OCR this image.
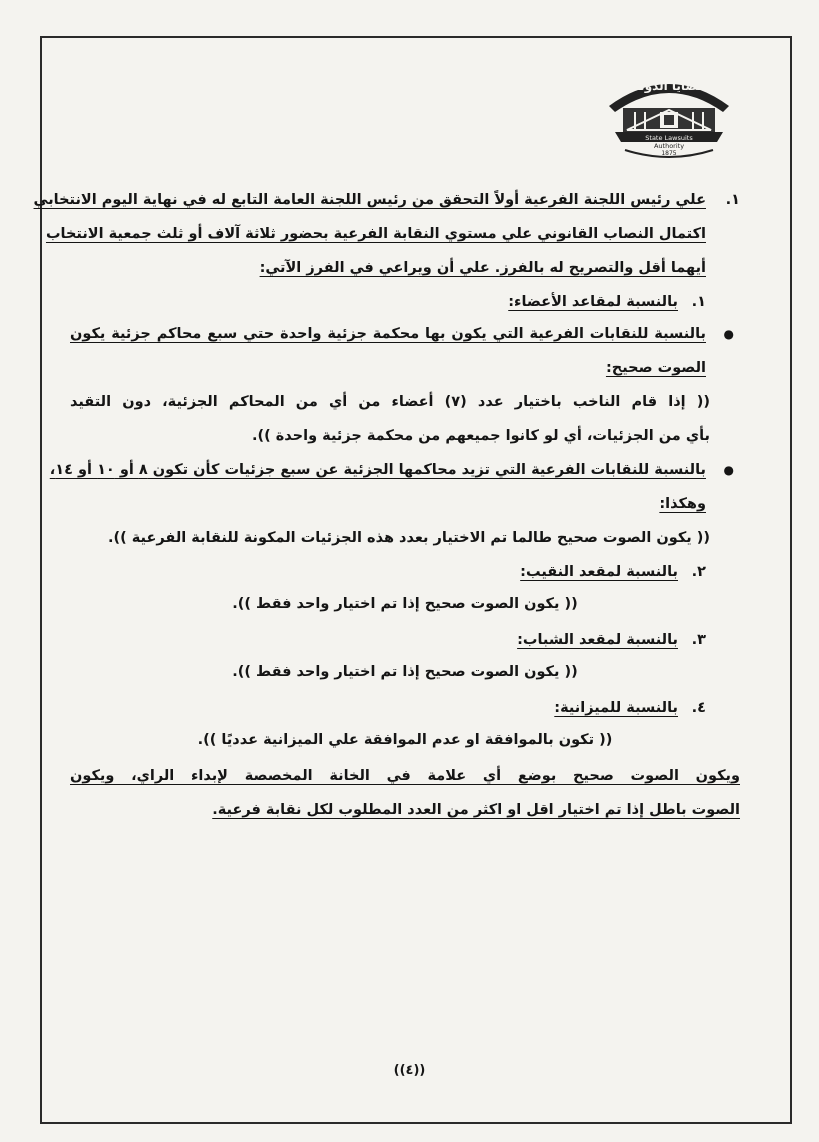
قضايا الدولة
١٨٧٥
State Lawsuits
Authority
1875
١.
علي رئيس اللجنة الفرعية أولاً التحقق من رئيس اللجنة العامة التابع له في نهاية اليوم الانتخابي
اكتمال النصاب القانوني علي مستوي النقابة الفرعية بحضور ثلاثة آلاف أو ثلث جمعية الانتخاب
أيهما أقل والتصريح له بالفرز. علي أن ويراعي في الفرز الآتي:
١.بالنسبة لمقاعد الأعضاء:
●
بالنسبة للنقابات الفرعية التي يكون بها محكمة جزئية واحدة حتي سبع محاكم جزئية يكون
الصوت صحيح:
(( إذا قام الناخب باختيار عدد (٧) أعضاء من أي من المحاكم الجزئية، دون التقيد
بأي من الجزئيات، أي لو كانوا جميعهم من محكمة جزئية واحدة )).
●
بالنسبة للنقابات الفرعية التي تزيد محاكمها الجزئية عن سبع جزئيات كأن تكون ٨ أو ١٠ أو ١٤،
وهكذا:
(( يكون الصوت صحيح طالما تم الاختيار بعدد هذه الجزئيات المكونة للنقابة الفرعية )).
٢.بالنسبة لمقعد النقيب:
(( يكون الصوت صحيح إذا تم اختيار واحد فقط )).
٣.بالنسبة لمقعد الشباب:
(( يكون الصوت صحيح إذا تم اختيار واحد فقط )).
٤.بالنسبة للميزانية:
(( تكون بالموافقة او عدم الموافقة علي الميزانية عدديًا )).
ويكون الصوت صحيح بوضع أي علامة في الخانة المخصصة لإبداء الراي، ويكون
الصوت باطل إذا تم اختيار اقل او اكثر من العدد المطلوب لكل نقابة فرعية.
((٤))
